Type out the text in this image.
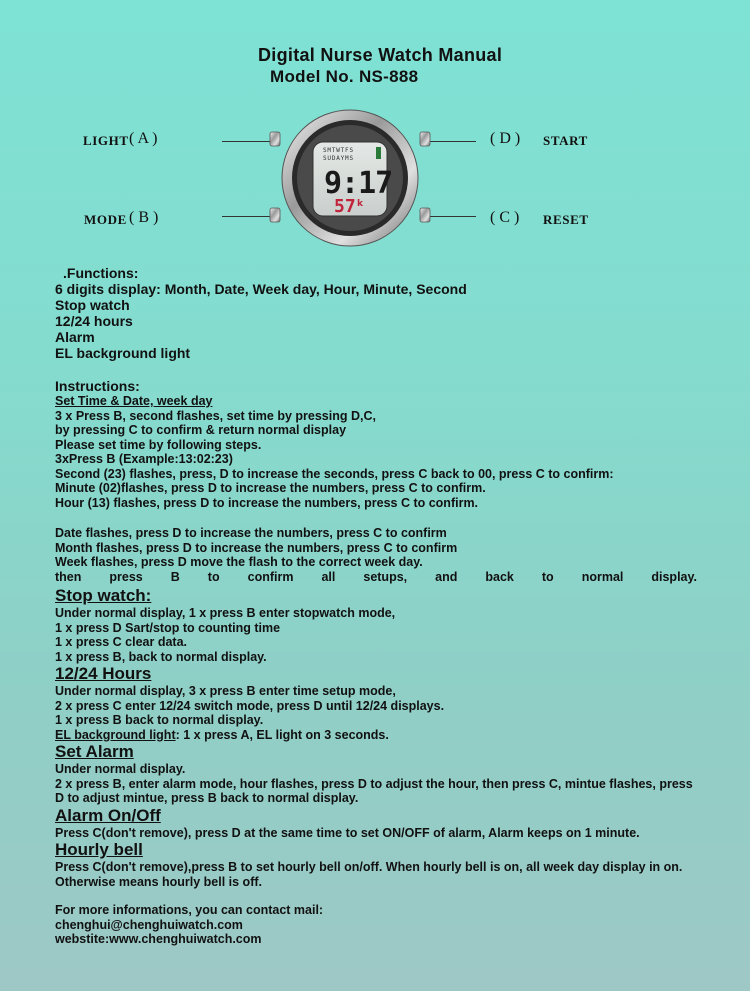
Digital Nurse Watch Manual
Model No. NS-888
LIGHT ( A )
MODE ( B )
( D ) START
( C ) RESET
SMTWTFS
SUDAYMS
9:17
57 k
.Functions:
6 digits display: Month, Date, Week day, Hour, Minute, Second
Stop watch
12/24 hours
Alarm
EL background light
Instructions:
Set Time & Date, week day
3 x Press B, second flashes, set time by pressing D,C,
by pressing C to confirm & return normal display
Please set time by following steps.
3xPress B (Example:13:02:23)
Second (23) flashes, press, D to increase the seconds, press C back to 00, press C to confirm:
Minute (02)flashes, press D to increase the numbers, press C to confirm.
Hour (13) flashes, press D to increase the numbers, press C to confirm.
Date flashes, press D to increase the numbers, press C to confirm
Month flashes, press D to increase the numbers, press C to confirm
Week flashes, press D move the flash to the correct week day.
then press B to confirm all setups, and back to normal display.
Stop watch:
Under normal display, 1 x press B enter stopwatch mode,
1 x press D Sart/stop to counting time
1 x press C clear data.
1 x press B, back to normal display.
12/24 Hours
Under normal display, 3 x press B enter time setup mode,
2 x press C enter 12/24 switch mode, press D until 12/24 displays.
1 x press B back to normal display.
EL background light: 1 x press A, EL light on 3 seconds.
Set Alarm
Under normal display.
2 x press B, enter alarm mode, hour flashes, press D to adjust the hour, then press C, mintue flashes, press D to adjust mintue, press B back to normal display.
Alarm On/Off
Press C(don't remove), press D at the same time to set ON/OFF of alarm, Alarm keeps on 1 minute.
Hourly bell
Press C(don't remove),press B to set hourly bell on/off. When hourly bell is on, all week day display in on.
Otherwise means hourly bell is off.
For more informations, you can contact mail:
chenghui@chenghuiwatch.com
webstite:www.chenghuiwatch.com
